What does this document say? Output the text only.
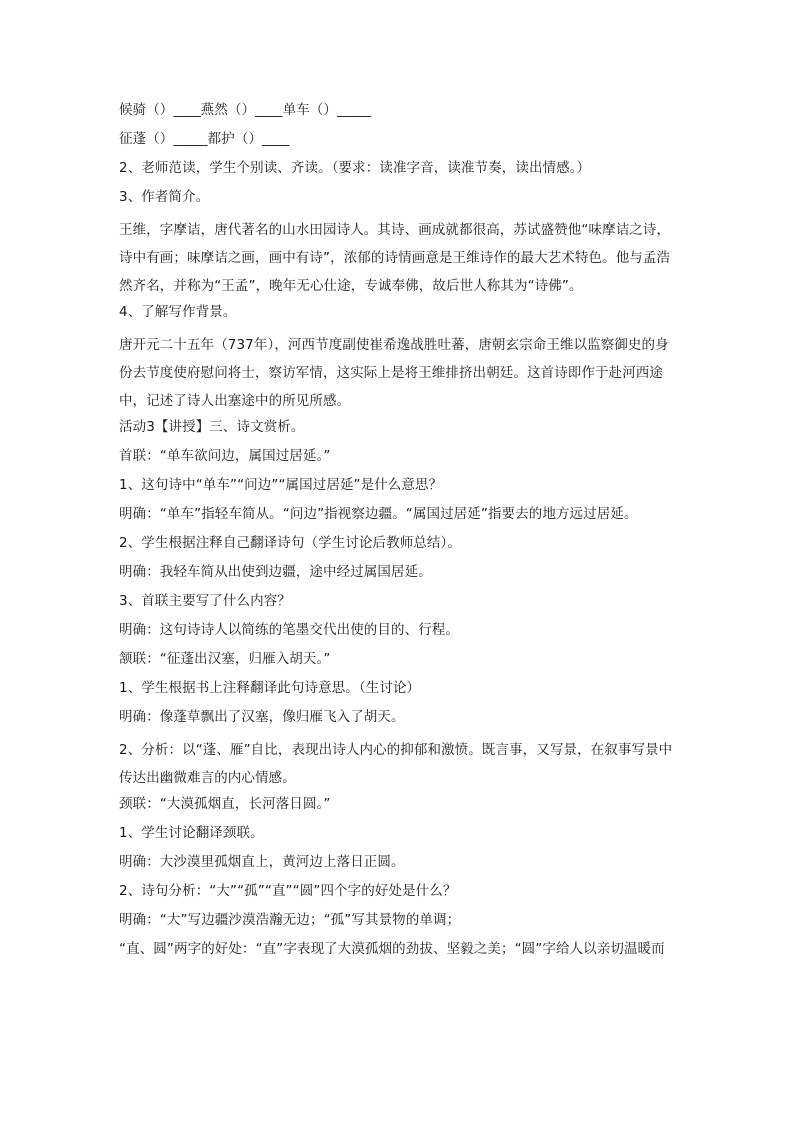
候骑（）____燕然（）____单车（）_____
征蓬（）_____都护（）____
2、老师范读，学生个别读、齐读。（要求：读准字音，读准节奏，读出情感。）
3、作者简介。
王维，字摩诘，唐代著名的山水田园诗人。其诗、画成就都很高，苏试盛赞他“味摩诘之诗，诗中有画；味摩诘之画，画中有诗”，浓郁的诗情画意是王维诗作的最大艺术特色。他与孟浩然齐名，并称为“王孟”，晚年无心仕途，专诚奉佛，故后世人称其为“诗佛”。
4、了解写作背景。
唐开元二十五年（737年），河西节度副使崔希逸战胜吐蕃，唐朝玄宗命王维以监察御史的身份去节度使府慰问将士，察访军情，这实际上是将王维排挤出朝廷。这首诗即作于赴河西途中，记述了诗人出塞途中的所见所感。
活动3【讲授】三、诗文赏析。
首联：“单车欲问边，属国过居延。”
1、这句诗中“单车”“问边”“属国过居延”是什么意思？
明确：“单车”指轻车简从。“问边”指视察边疆。“属国过居延”指要去的地方远过居延。
2、学生根据注释自己翻译诗句（学生讨论后教师总结）。
明确：我轻车简从出使到边疆，途中经过属国居延。
3、首联主要写了什么内容？
明确：这句诗诗人以简练的笔墨交代出使的目的、行程。
颔联：“征蓬出汉塞，归雁入胡天。”
1、学生根据书上注释翻译此句诗意思。（生讨论）
明确：像蓬草飘出了汉塞，像归雁飞入了胡天。
2、分析：以“蓬、雁”自比，表现出诗人内心的抑郁和激愤。既言事，又写景，在叙事写景中传达出幽微难言的内心情感。
颈联：“大漠孤烟直，长河落日圆。”
1、学生讨论翻译颈联。
明确：大沙漠里孤烟直上，黄河边上落日正圆。
2、诗句分析：“大”“孤”“直”“圆”四个字的好处是什么？
明确：“大”写边疆沙漠浩瀚无边；“孤”写其景物的单调；
“直、圆”两字的好处：“直”字表现了大漠孤烟的劲拔、坚毅之美；“圆”字给人以亲切温暖而
